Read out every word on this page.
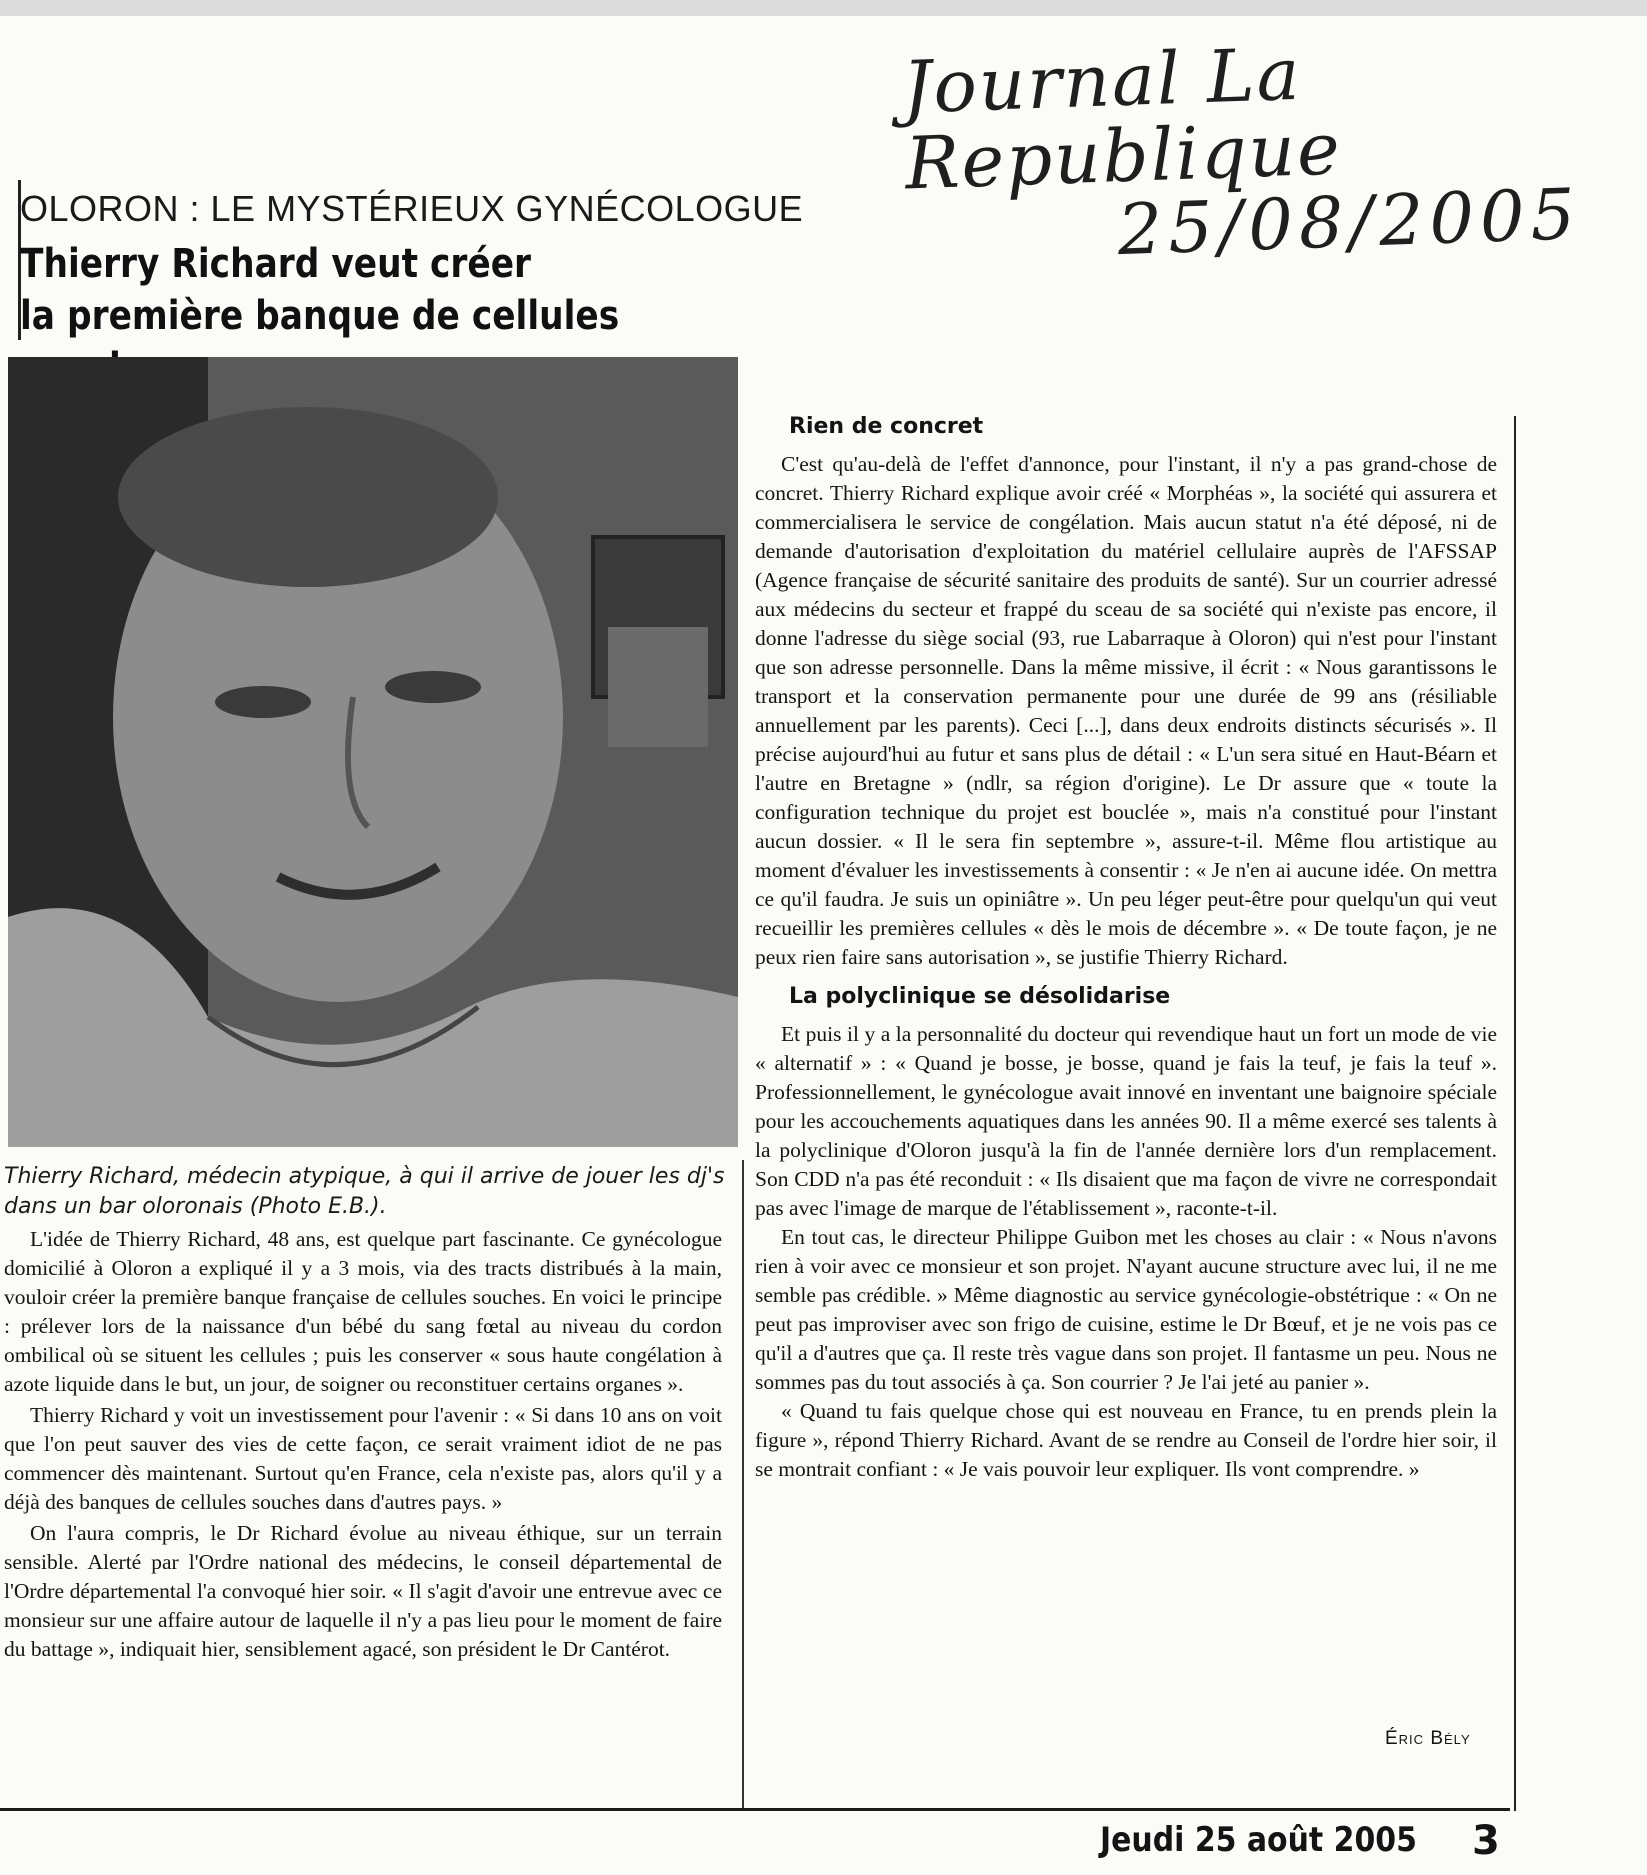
Journal La Republique
25/08/2005
OLORON : LE MYSTÉRIEUX GYNÉCOLOGUE
Thierry Richard veut créer
la première banque de cellules
Thierry Richard, médecin atypique, à qui il arrive de jouer les dj's dans un bar oloronais (Photo E.B.).

L'idée de Thierry Richard, 48 ans, est quelque part fascinante. Ce gynécologue domicilié à Oloron a expliqué il y a 3 mois, via des tracts distribués à la main, vouloir créer la première banque française de cellules souches. En voici le principe : prélever lors de la naissance d'un bébé du sang fœtal au niveau du cordon ombilical où se situent les cellules ; puis les conserver « sous haute congélation à azote liquide dans le but, un jour, de soigner ou reconstituer certains organes ».

Thierry Richard y voit un investissement pour l'avenir : « Si dans 10 ans on voit que l'on peut sauver des vies de cette façon, ce serait vraiment idiot de ne pas commencer dès maintenant. Surtout qu'en France, cela n'existe pas, alors qu'il y a déjà des banques de cellules souches dans d'autres pays. »

On l'aura compris, le Dr Richard évolue au niveau éthique, sur un terrain sensible. Alerté par l'Ordre national des médecins, le conseil départemental de l'Ordre départemental l'a convoqué hier soir. « Il s'agit d'avoir une entrevue avec ce monsieur sur une affaire autour de laquelle il n'y a pas lieu pour le moment de faire du battage », indiquait hier, sensiblement agacé, son président le Dr Cantérot.

Rien de concret

C'est qu'au-delà de l'effet d'annonce, pour l'instant, il n'y a pas grand-chose de concret. Thierry Richard explique avoir créé « Morphéas », la société qui assurera et commercialisera le service de congélation. Mais aucun statut n'a été déposé, ni de demande d'autorisation d'exploitation du matériel cellulaire auprès de l'AFSSAP (Agence française de sécurité sanitaire des produits de santé). Sur un courrier adressé aux médecins du secteur et frappé du sceau de sa société qui n'existe pas encore, il donne l'adresse du siège social (93, rue Labarraque à Oloron) qui n'est pour l'instant que son adresse personnelle. Dans la même missive, il écrit : « Nous garantissons le transport et la conservation permanente pour une durée de 99 ans (résiliable annuellement par les parents). Ceci [...], dans deux endroits distincts sécurisés ». Il précise aujourd'hui au futur et sans plus de détail : « L'un sera situé en Haut-Béarn et l'autre en Bretagne » (ndlr, sa région d'origine). Le Dr assure que « toute la configuration technique du projet est bouclée », mais n'a constitué pour l'instant aucun dossier. « Il le sera fin septembre », assure-t-il. Même flou artistique au moment d'évaluer les investissements à consentir : « Je n'en ai aucune idée. On mettra ce qu'il faudra. Je suis un opiniâtre ». Un peu léger peut-être pour quelqu'un qui veut recueillir les premières cellules « dès le mois de décembre ». « De toute façon, je ne peux rien faire sans autorisation », se justifie Thierry Richard.

La polyclinique se désolidarise

Et puis il y a la personnalité du docteur qui revendique haut un fort un mode de vie « alternatif » : « Quand je bosse, je bosse, quand je fais la teuf, je fais la teuf ». Professionnellement, le gynécologue avait innové en inventant une baignoire spéciale pour les accouchements aquatiques dans les années 90. Il a même exercé ses talents à la polyclinique d'Oloron jusqu'à la fin de l'année dernière lors d'un remplacement. Son CDD n'a pas été reconduit : « Ils disaient que ma façon de vivre ne correspondait pas avec l'image de marque de l'établissement », raconte-t-il.

En tout cas, le directeur Philippe Guibon met les choses au clair : « Nous n'avons rien à voir avec ce monsieur et son projet. N'ayant aucune structure avec lui, il ne me semble pas crédible. » Même diagnostic au service gynécologie-obstétrique : « On ne peut pas improviser avec son frigo de cuisine, estime le Dr Bœuf, et je ne vois pas ce qu'il a d'autres que ça. Il reste très vague dans son projet. Il fantasme un peu. Nous ne sommes pas du tout associés à ça. Son courrier ? Je l'ai jeté au panier ».

« Quand tu fais quelque chose qui est nouveau en France, tu en prends plein la figure », répond Thierry Richard. Avant de se rendre au Conseil de l'ordre hier soir, il se montrait confiant : « Je vais pouvoir leur expliquer. Ils vont comprendre. »

Éric Bély
Jeudi 25 août 2005 3
